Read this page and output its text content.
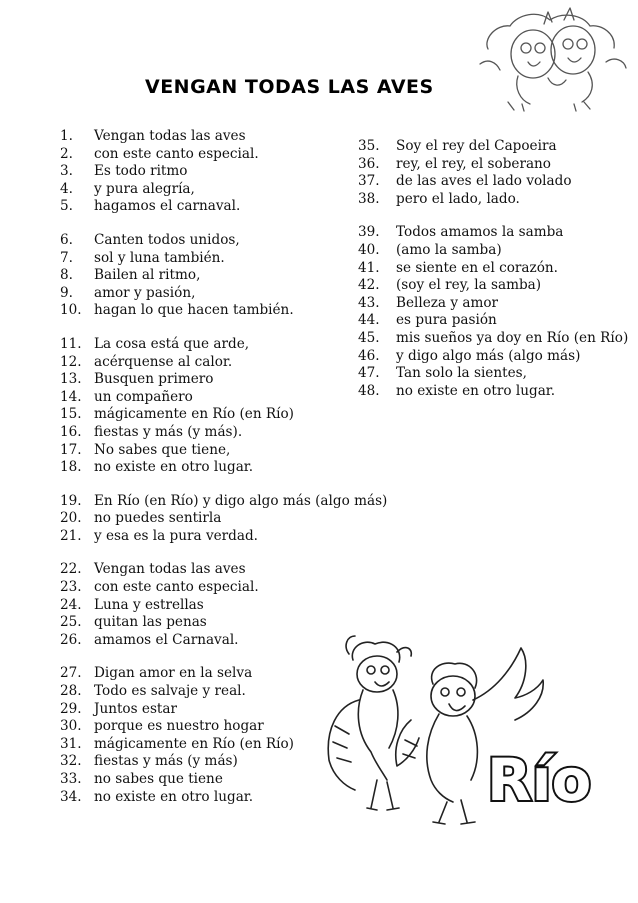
VENGAN TODAS LAS AVES
1.	Vengan todas las aves
2.	con este canto especial.
3.	Es todo ritmo
4.	y pura alegría,
5.	hagamos el carnaval.
6.	Canten todos unidos,
7.	sol y luna también.
8.	Bailen al ritmo,
9.	amor y pasión,
10. hagan lo que hacen también.
11. La cosa está que arde,
12. acérquense al calor.
13. Busquen primero
14. un compañero
15. mágicamente en Río (en Río)
16. fiestas y más (y más).
17. No sabes que tiene,
18. no existe en otro lugar.
19. En Río (en Río) y digo algo más (algo más)
20. no puedes sentirla
21. y esa es la pura verdad.
22. Vengan todas las aves
23. con este canto especial.
24. Luna y estrellas
25. quitan las penas
26. amamos el Carnaval.
27. Digan amor en la selva
28. Todo es salvaje y real.
29. Juntos estar
30. porque es nuestro hogar
31. mágicamente en Río (en Río)
32. fiestas y más (y más)
33. no sabes que tiene
34. no existe en otro lugar.
35.	Soy el rey del Capoeira
36.	rey, el rey, el soberano
37.	de las aves el lado volado
38.	pero el lado, lado.
39.	Todos amamos la samba
40.	(amo la samba)
41.	se siente en el corazón.
42.	(soy el rey, la samba)
43.	Belleza y amor
44.	es pura pasión
45.	mis sueños ya doy en Río (en Río)
46.	y digo algo más (algo más)
47.	Tan solo la sientes,
48.	no existe en otro lugar.
Río
